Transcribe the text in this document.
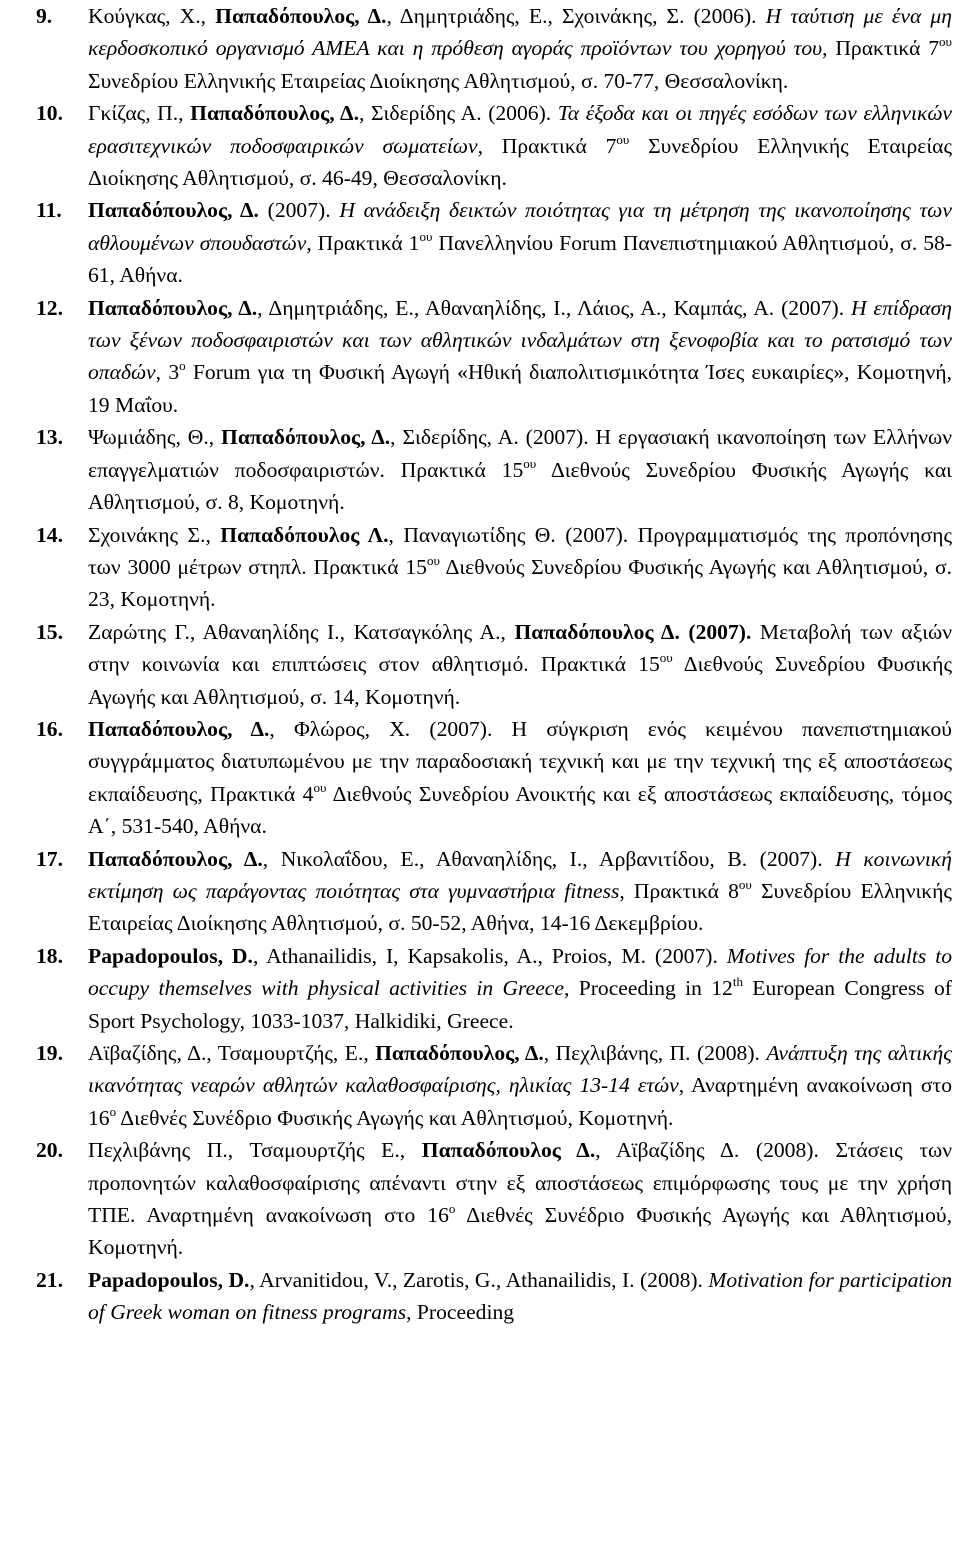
9. Κούγκας, Χ., Παπαδόπουλος, Δ., Δημητριάδης, Ε., Σχοινάκης, Σ. (2006). Η ταύτιση με ένα μη κερδοσκοπικό οργανισμό ΑΜΕΑ και η πρόθεση αγοράς προϊόντων του χορηγού του, Πρακτικά $7^{o\upsilon}$ Συνεδρίου Ελληνικής Εταιρείας Διοίκησης Αθλητισμού, σ. 70-77, Θεσσαλονίκη.
10. Γκίζας, Π., Παπαδόπουλος, Δ., Σιδερίδης Α. (2006). Τα έξοδα και οι πηγές εσόδων των ελληνικών ερασιτεχνικών ποδοσφαιρικών σωματείων, Πρακτικά $7^{o\upsilon}$ Συνεδρίου Ελληνικής Εταιρείας Διοίκησης Αθλητισμού, σ. 46-49, Θεσσαλονίκη.
11. Παπαδόπουλος, Δ. (2007). Η ανάδειξη δεικτών ποιότητας για τη μέτρηση της ικανοποίησης των αθλουμένων σπουδαστών, Πρακτικά $1^{o\upsilon}$ Πανελληνίου Forum Πανεπιστημιακού Αθλητισμού, σ. 58-61, Αθήνα.
12. Παπαδόπουλος, Δ., Δημητριάδης, Ε., Αθαναηλίδης, Ι., Λάιος, Α., Καμπάς, Α. (2007). Η επίδραση των ξένων ποδοσφαιριστών και των αθλητικών ινδαλμάτων στη ξενοφοβία και το ρατσισμό των οπαδών, $3^o$ Forum για τη Φυσική Αγωγή «Ηθική διαπολιτισμικότητα Ίσες ευκαιρίες», Κομοτηνή, 19 Μαΐου.
13. Ψωμιάδης, Θ., Παπαδόπουλος, Δ., Σιδερίδης, Α. (2007). Η εργασιακή ικανοποίηση των Ελλήνων επαγγελματιών ποδοσφαιριστών. Πρακτικά $15^{o\upsilon}$ Διεθνούς Συνεδρίου Φυσικής Αγωγής και Αθλητισμού, σ. 8, Κομοτηνή.
14. Σχοινάκης Σ., Παπαδόπουλος Λ., Παναγιωτίδης Θ. (2007). Προγραμματισμός της προπόνησης των 3000 μέτρων στηπλ. Πρακτικά $15^{o\upsilon}$ Διεθνούς Συνεδρίου Φυσικής Αγωγής και Αθλητισμού, σ. 23, Κομοτηνή.
15. Ζαρώτης Γ., Αθαναηλίδης Ι., Κατσαγκόλης Α., Παπαδόπουλος Δ. (2007). Μεταβολή των αξιών στην κοινωνία και επιπτώσεις στον αθλητισμό. Πρακτικά $15^{o\upsilon}$ Διεθνούς Συνεδρίου Φυσικής Αγωγής και Αθλητισμού, σ. 14, Κομοτηνή.
16. Παπαδόπουλος, Δ., Φλώρος, Χ. (2007). Η σύγκριση ενός κειμένου πανεπιστημιακού συγγράμματος διατυπωμένου με την παραδοσιακή τεχνική και με την τεχνική της εξ αποστάσεως εκπαίδευσης, Πρακτικά $4^{o\upsilon}$ Διεθνούς Συνεδρίου Ανοικτής και εξ αποστάσεως εκπαίδευσης, τόμος Α΄, 531-540, Αθήνα.
17. Παπαδόπουλος, Δ., Νικολαΐδου, Ε., Αθαναηλίδης, Ι., Αρβανιτίδου, Β. (2007). Η κοινωνική εκτίμηση ως παράγοντας ποιότητας στα γυμναστήρια fitness, Πρακτικά $8^{o\upsilon}$ Συνεδρίου Ελληνικής Εταιρείας Διοίκησης Αθλητισμού, σ. 50-52, Αθήνα, 14-16 Δεκεμβρίου.
18. Papadopoulos, D., Athanailidis, I, Kapsakolis, A., Proios, M. (2007). Motives for the adults to occupy themselves with physical activities in Greece, Proceeding in 12th European Congress of Sport Psychology, 1033-1037, Halkidiki, Greece.
19. Αϊβαζίδης, Δ., Τσαμουρτζής, Ε., Παπαδόπουλος, Δ., Πεχλιβάνης, Π. (2008). Ανάπτυξη της αλτικής ικανότητας νεαρών αθλητών καλαθοσφαίρισης, ηλικίας 13-14 ετών, Αναρτημένη ανακοίνωση στο $16^o$ Διεθνές Συνέδριο Φυσικής Αγωγής και Αθλητισμού, Κομοτηνή.
20. Πεχλιβάνης Π., Τσαμουρτζής Ε., Παπαδόπουλος Δ., Αϊβαζίδης Δ. (2008). Στάσεις των προπονητών καλαθοσφαίρισης απέναντι στην εξ αποστάσεως επιμόρφωσης τους με την χρήση ΤΠΕ. Αναρτημένη ανακοίνωση στο $16^o$ Διεθνές Συνέδριο Φυσικής Αγωγής και Αθλητισμού, Κομοτηνή.
21. Papadopoulos, D., Arvanitidou, V., Zarotis, G., Athanailidis, I. (2008). Motivation for participation of Greek woman on fitness programs, Proceeding
